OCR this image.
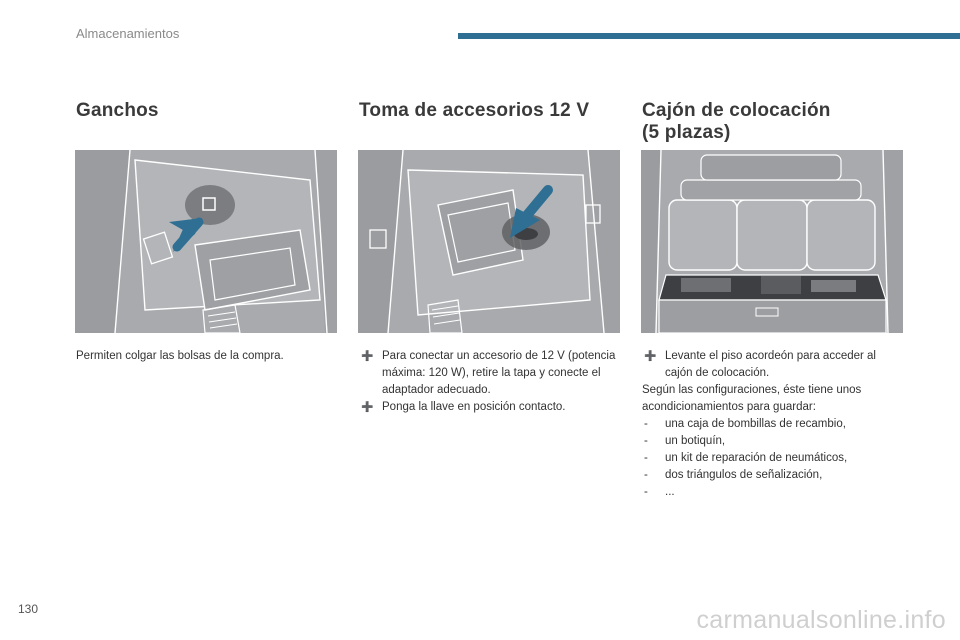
Almacenamientos
Ganchos
Permiten colgar las bolsas de la compra.
Toma de accesorios 12 V
➕ Para conectar un accesorio de 12 V (potencia máxima: 120 W), retire la tapa y conecte el adaptador adecuado.
➕ Ponga la llave en posición contacto.
Cajón de colocación
(5 plazas)
➕ Levante el piso acordeón para acceder al cajón de colocación.
Según las configuraciones, éste tiene unos acondicionamientos para guardar:
- una caja de bombillas de recambio,
- un botiquín,
- un kit de reparación de neumáticos,
- dos triángulos de señalización,
- ...
130	carmanualsonline.info
